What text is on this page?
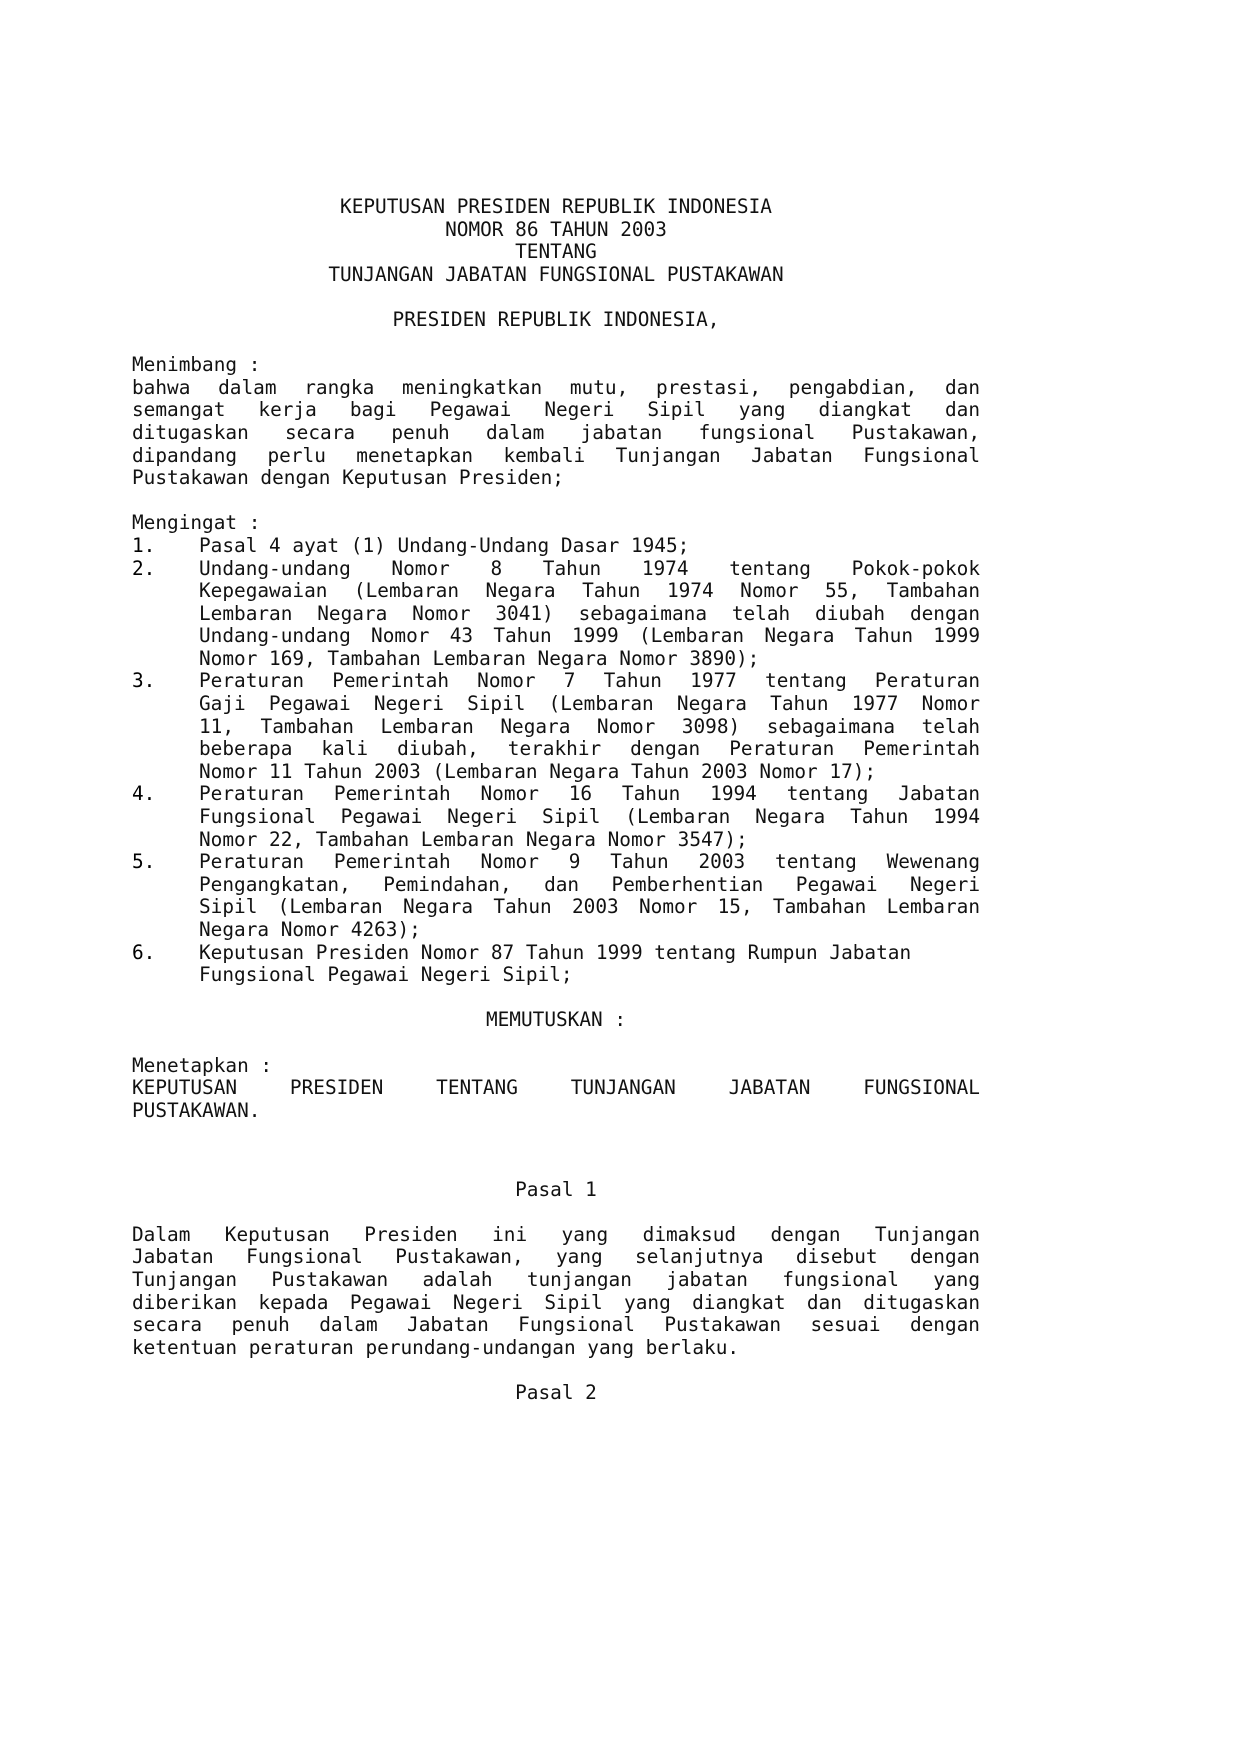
KEPUTUSAN PRESIDEN REPUBLIK INDONESIA
NOMOR 86 TAHUN 2003
TENTANG
TUNJANGAN JABATAN FUNGSIONAL PUSTAKAWAN
PRESIDEN REPUBLIK INDONESIA,
Menimbang :
bahwa dalam rangka meningkatkan mutu, prestasi, pengabdian, dan
semangat kerja bagi Pegawai Negeri Sipil yang diangkat dan
ditugaskan secara penuh dalam jabatan fungsional Pustakawan,
dipandang perlu menetapkan kembali Tunjangan Jabatan Fungsional
Pustakawan dengan Keputusan Presiden;
Mengingat :
1.	Pasal 4 ayat (1) Undang-Undang Dasar 1945;
2.	Undang-undang Nomor 8 Tahun 1974 tentang Pokok-pokok
Kepegawaian (Lembaran Negara Tahun 1974 Nomor 55, Tambahan
Lembaran Negara Nomor 3041) sebagaimana telah diubah dengan
Undang-undang Nomor 43 Tahun 1999 (Lembaran Negara Tahun 1999
Nomor 169, Tambahan Lembaran Negara Nomor 3890);
3.	Peraturan Pemerintah Nomor 7 Tahun 1977 tentang Peraturan
Gaji Pegawai Negeri Sipil (Lembaran Negara Tahun 1977 Nomor
11, Tambahan Lembaran Negara Nomor 3098) sebagaimana telah
beberapa kali diubah, terakhir dengan Peraturan Pemerintah
Nomor 11 Tahun 2003 (Lembaran Negara Tahun 2003 Nomor 17);
4.	Peraturan Pemerintah Nomor 16 Tahun 1994 tentang Jabatan
Fungsional Pegawai Negeri Sipil (Lembaran Negara Tahun 1994
Nomor 22, Tambahan Lembaran Negara Nomor 3547);
5.	Peraturan Pemerintah Nomor 9 Tahun 2003 tentang Wewenang
Pengangkatan, Pemindahan, dan Pemberhentian Pegawai Negeri
Sipil (Lembaran Negara Tahun 2003 Nomor 15, Tambahan Lembaran
Negara Nomor 4263);
6.	Keputusan Presiden Nomor 87 Tahun 1999 tentang Rumpun Jabatan
Fungsional Pegawai Negeri Sipil;
MEMUTUSKAN :
Menetapkan :
KEPUTUSAN PRESIDEN TENTANG TUNJANGAN JABATAN FUNGSIONAL
PUSTAKAWAN.
Pasal 1
Dalam Keputusan Presiden ini yang dimaksud dengan Tunjangan
Jabatan Fungsional Pustakawan, yang selanjutnya disebut dengan
Tunjangan Pustakawan adalah tunjangan jabatan fungsional yang
diberikan kepada Pegawai Negeri Sipil yang diangkat dan ditugaskan
secara penuh dalam Jabatan Fungsional Pustakawan sesuai dengan
ketentuan peraturan perundang-undangan yang berlaku.
Pasal 2
